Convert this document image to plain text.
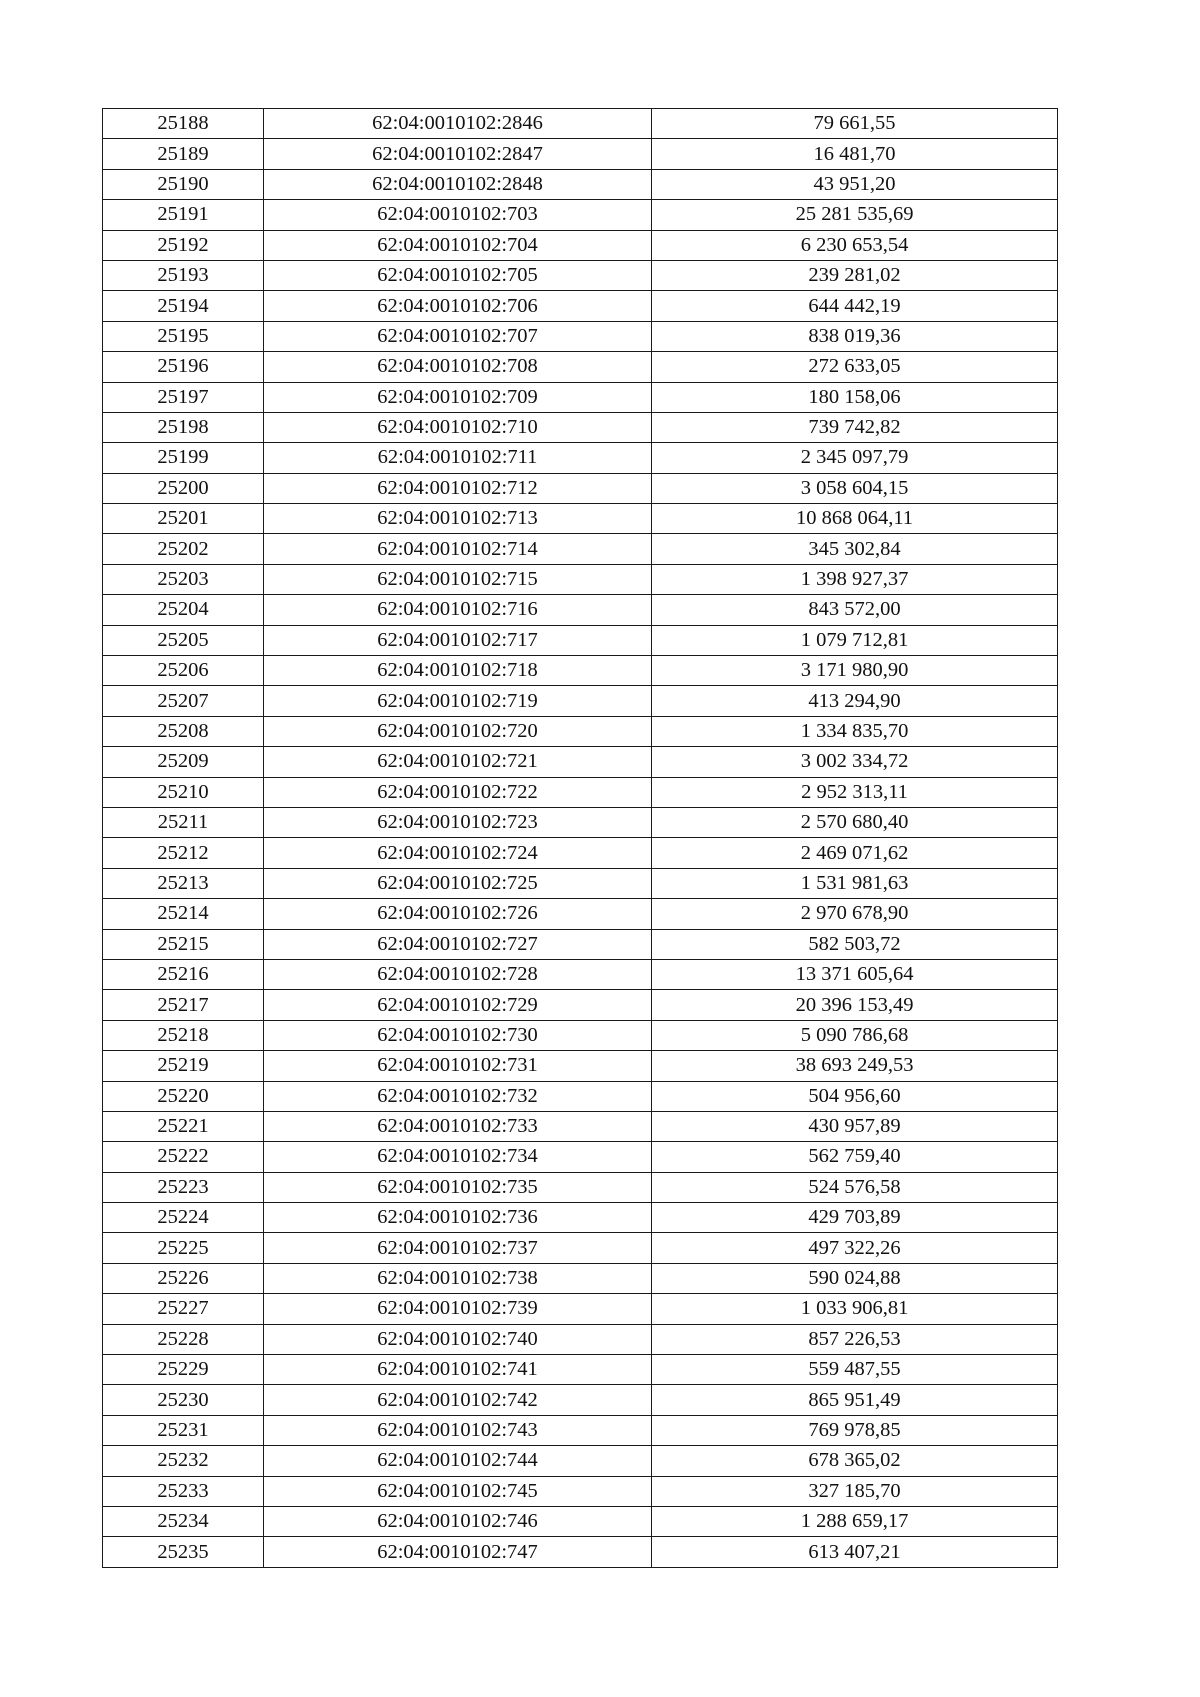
25188	62:04:0010102:2846	79 661,55
25189	62:04:0010102:2847	16 481,70
25190	62:04:0010102:2848	43 951,20
25191	62:04:0010102:703	25 281 535,69
25192	62:04:0010102:704	6 230 653,54
25193	62:04:0010102:705	239 281,02
25194	62:04:0010102:706	644 442,19
25195	62:04:0010102:707	838 019,36
25196	62:04:0010102:708	272 633,05
25197	62:04:0010102:709	180 158,06
25198	62:04:0010102:710	739 742,82
25199	62:04:0010102:711	2 345 097,79
25200	62:04:0010102:712	3 058 604,15
25201	62:04:0010102:713	10 868 064,11
25202	62:04:0010102:714	345 302,84
25203	62:04:0010102:715	1 398 927,37
25204	62:04:0010102:716	843 572,00
25205	62:04:0010102:717	1 079 712,81
25206	62:04:0010102:718	3 171 980,90
25207	62:04:0010102:719	413 294,90
25208	62:04:0010102:720	1 334 835,70
25209	62:04:0010102:721	3 002 334,72
25210	62:04:0010102:722	2 952 313,11
25211	62:04:0010102:723	2 570 680,40
25212	62:04:0010102:724	2 469 071,62
25213	62:04:0010102:725	1 531 981,63
25214	62:04:0010102:726	2 970 678,90
25215	62:04:0010102:727	582 503,72
25216	62:04:0010102:728	13 371 605,64
25217	62:04:0010102:729	20 396 153,49
25218	62:04:0010102:730	5 090 786,68
25219	62:04:0010102:731	38 693 249,53
25220	62:04:0010102:732	504 956,60
25221	62:04:0010102:733	430 957,89
25222	62:04:0010102:734	562 759,40
25223	62:04:0010102:735	524 576,58
25224	62:04:0010102:736	429 703,89
25225	62:04:0010102:737	497 322,26
25226	62:04:0010102:738	590 024,88
25227	62:04:0010102:739	1 033 906,81
25228	62:04:0010102:740	857 226,53
25229	62:04:0010102:741	559 487,55
25230	62:04:0010102:742	865 951,49
25231	62:04:0010102:743	769 978,85
25232	62:04:0010102:744	678 365,02
25233	62:04:0010102:745	327 185,70
25234	62:04:0010102:746	1 288 659,17
25235	62:04:0010102:747	613 407,21
